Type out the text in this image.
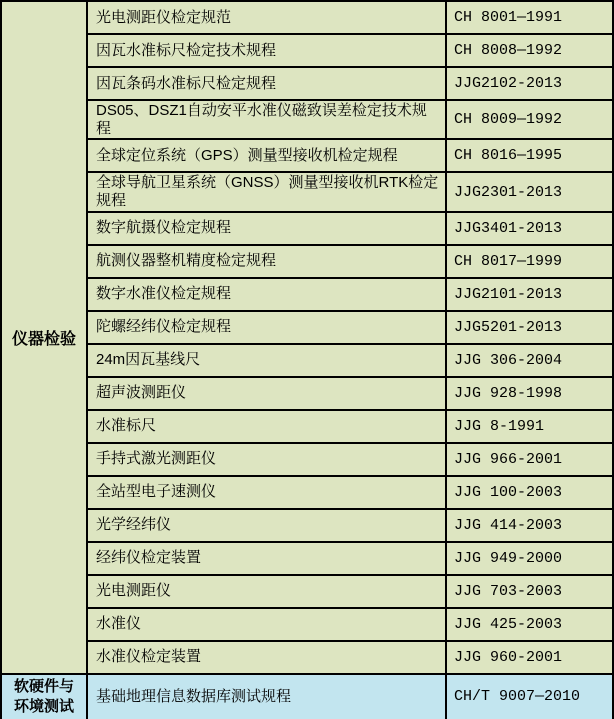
仪器检验	光电测距仪检定规范	CH 8001—1991
	因瓦水准标尺检定技术规程	CH 8008—1992
	因瓦条码水准标尺检定规程	JJG2102-2013
	DS05、DSZ1自动安平水准仪磁致误差检定技术规程	CH 8009—1992
	全球定位系统（GPS）测量型接收机检定规程	CH 8016—1995
	全球导航卫星系统（GNSS）测量型接收机RTK检定规程	JJG2301-2013
	数字航摄仪检定规程	JJG3401-2013
	航测仪器整机精度检定规程	CH 8017—1999
	数字水准仪检定规程	JJG2101-2013
	陀螺经纬仪检定规程	JJG5201-2013
	24m因瓦基线尺	JJG 306-2004
	超声波测距仪	JJG 928-1998
	水准标尺	JJG 8-1991
	手持式激光测距仪	JJG 966-2001
	全站型电子速测仪	JJG 100-2003
	光学经纬仪	JJG 414-2003
	经纬仪检定装置	JJG 949-2000
	光电测距仪	JJG 703-2003
	水准仪	JJG 425-2003
	水准仪检定装置	JJG 960-2001

软硬件与
环境测试	基础地理信息数据库测试规程	CH/T 9007—2010
